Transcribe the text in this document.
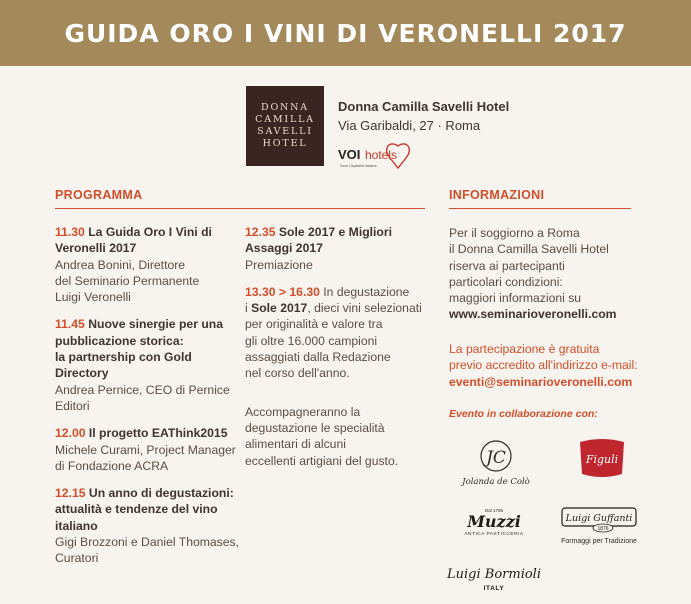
GUIDA ORO I VINI DI VERONELLI 2017
DONNA
CAMILLA
SAVELLI
HOTEL
Donna Camilla Savelli Hotel
Via Garibaldi, 27 · Roma
VOI hotels
Voce Ospitalità Italiana
PROGRAMMA	INFORMAZIONI
11.30 La Guida Oro I Vini di
Veronelli 2017
Andrea Bonini, Direttore
del Seminario Permanente
Luigi Veronelli
11.45 Nuove sinergie per una
pubblicazione storica:
la partnership con Gold Directory
Andrea Pernice, CEO di Pernice
Editori
12.00 Il progetto EAThink2015
Michele Curami, Project Manager
di Fondazione ACRA
12.15 Un anno di degustazioni:
attualità e tendenze del vino
italiano
Gigi Brozzoni e Daniel Thomases,
Curatori
12.35 Sole 2017 e Migliori
Assaggi 2017
Premiazione
13.30 > 16.30 In degustazione
i Sole 2017, dieci vini selezionati
per originalità e valore tra
gli oltre 16.000 campioni
assaggiati dalla Redazione
nel corso dell'anno.
Accompagneranno la
degustazione le specialità
alimentari di alcuni
eccellenti artigiani del gusto.
Per il soggiorno a Roma
il Donna Camilla Savelli Hotel
riserva ai partecipanti
particolari condizioni:
maggiori informazioni su
www.seminarioveronelli.com
La partecipazione è gratuita
previo accredito all'indirizzo e-mail:
eventi@seminarioveronelli.com
Evento in collaborazione con:
JC
Jolanda de Colò
Figuli
Dal 1796
Muzzi
ANTICA PASTICCERIA
Luigi Guffanti
1876
Formaggi per Tradizione
Luigi Bormioli
ITALY
